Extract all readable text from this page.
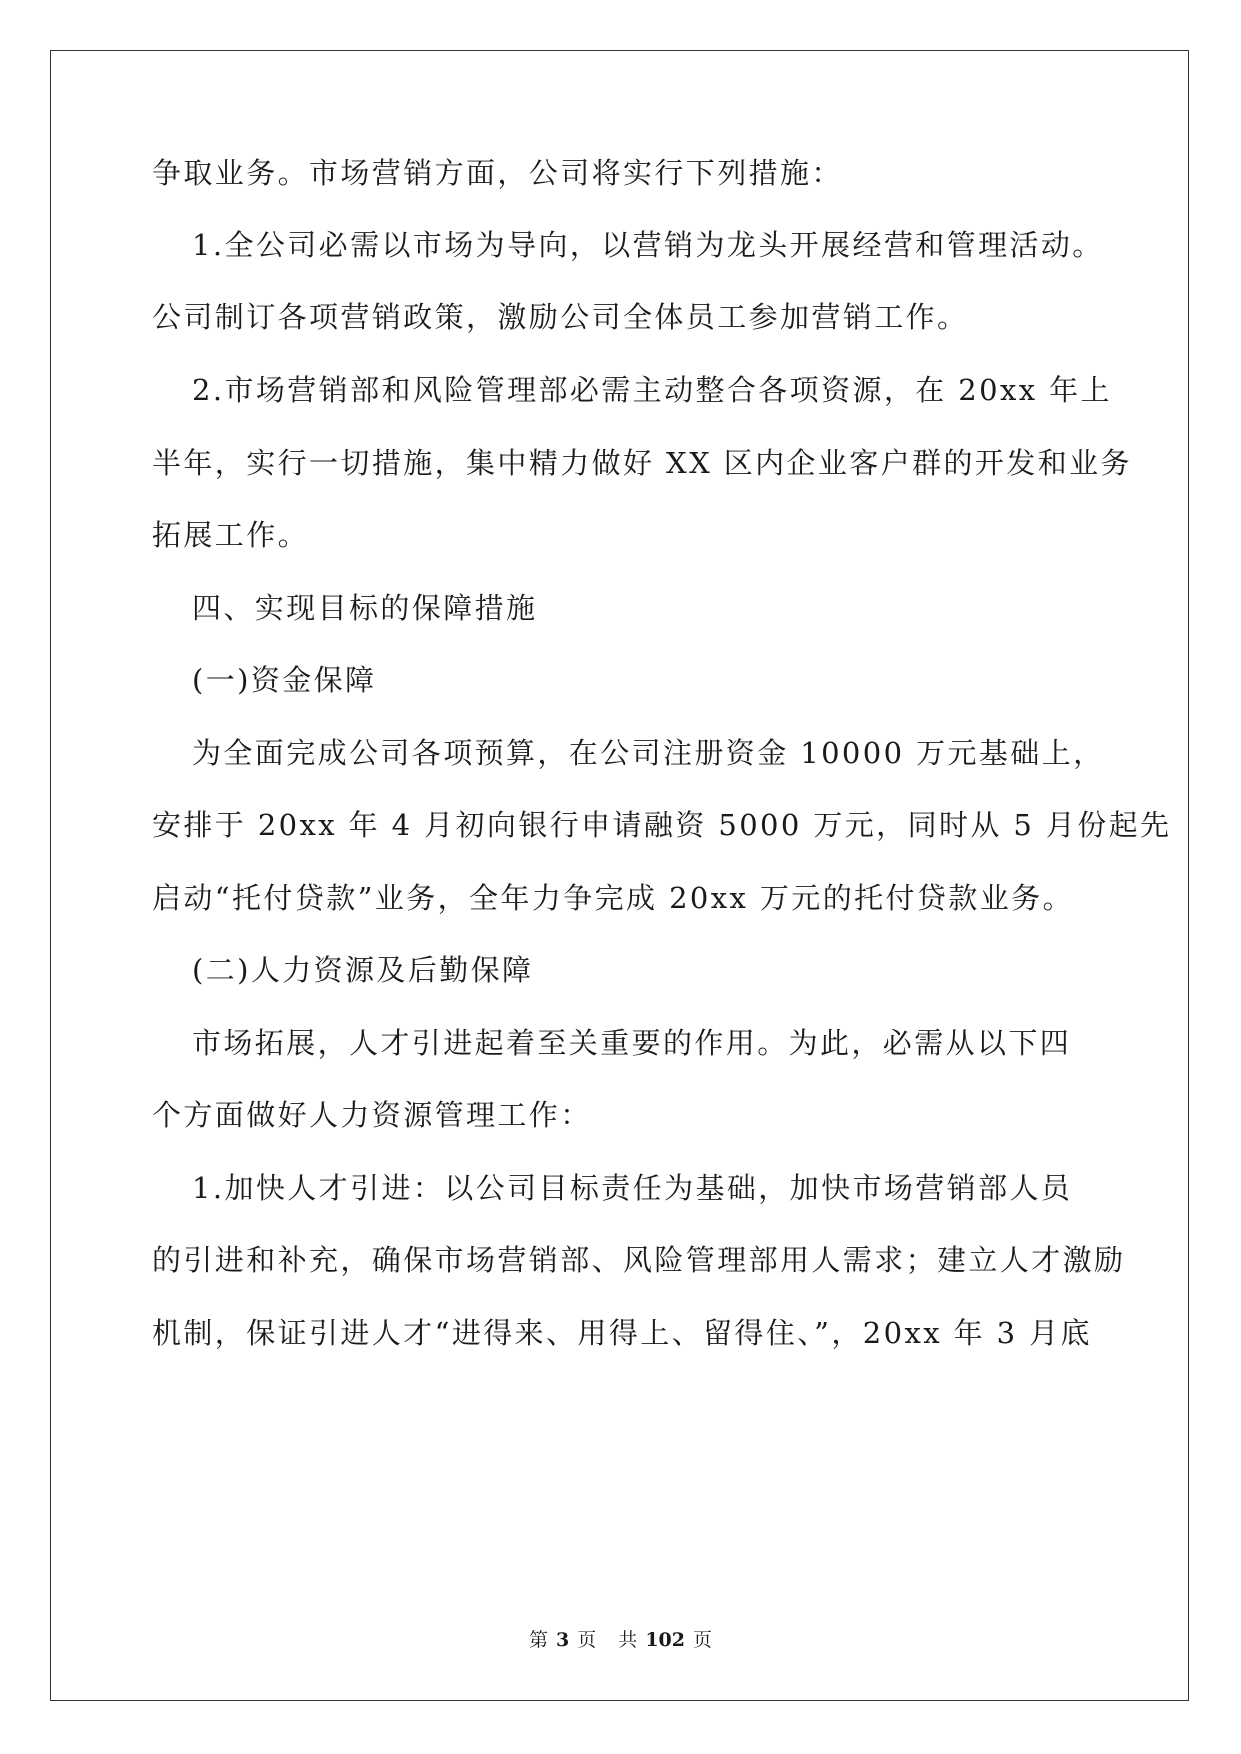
争取业务。市场营销方面，公司将实行下列措施：
1.全公司必需以市场为导向，以营销为龙头开展经营和管理活动。
公司制订各项营销政策，激励公司全体员工参加营销工作。
2.市场营销部和风险管理部必需主动整合各项资源，在 20xx 年上
半年，实行一切措施，集中精力做好 XX 区内企业客户群的开发和业务
拓展工作。
四、实现目标的保障措施
(一)资金保障
为全面完成公司各项预算，在公司注册资金 10000 万元基础上，
安排于 20xx 年 4 月初向银行申请融资 5000 万元，同时从 5 月份起先
启动“托付贷款”业务，全年力争完成 20xx 万元的托付贷款业务。
(二)人力资源及后勤保障
市场拓展，人才引进起着至关重要的作用。为此，必需从以下四
个方面做好人力资源管理工作：
1.加快人才引进：以公司目标责任为基础，加快市场营销部人员
的引进和补充，确保市场营销部、风险管理部用人需求；建立人才激励
机制，保证引进人才“进得来、用得上、留得住、”，20xx 年 3 月底
第 3 页 共 102 页
